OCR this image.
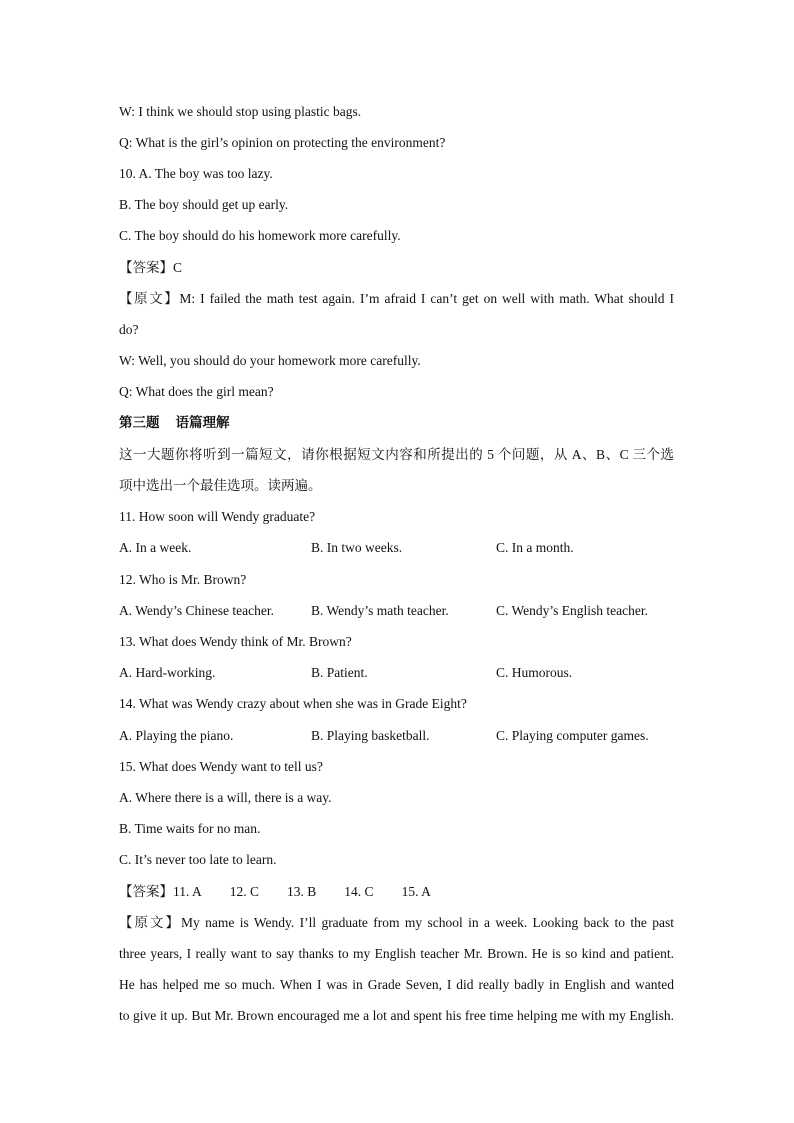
W: I think we should stop using plastic bags.
Q: What is the girl’s opinion on protecting the environment?
10. A. The boy was too lazy.
B. The boy should get up early.
C. The boy should do his homework more carefully.
【答案】C
【原文】M: I failed the math test again. I’m afraid I can’t get on well with math. What should I
do?
W: Well, you should do your homework more carefully.
Q: What does the girl mean?
第三题 语篇理解
这一大题你将听到一篇短文，请你根据短文内容和所提出的 5 个问题，从 A、B、C 三个选
项中选出一个最佳选项。读两遍。
11. How soon will Wendy graduate?
A. In a week.	B. In two weeks.	C. In a month.
12. Who is Mr. Brown?
A. Wendy’s Chinese teacher.	B. Wendy’s math teacher.	C. Wendy’s English teacher.
13. What does Wendy think of Mr. Brown?
A. Hard-working.	B. Patient.	C. Humorous.
14. What was Wendy crazy about when she was in Grade Eight?
A. Playing the piano.	B. Playing basketball.	C. Playing computer games.
15. What does Wendy want to tell us?
A. Where there is a will, there is a way.
B. Time waits for no man.
C. It’s never too late to learn.
【答案】11. A 12. C 13. B 14. C 15. A
【原文】My name is Wendy. I’ll graduate from my school in a week. Looking back to the past
three years, I really want to say thanks to my English teacher Mr. Brown. He is so kind and patient.
He has helped me so much. When I was in Grade Seven, I did really badly in English and wanted
to give it up. But Mr. Brown encouraged me a lot and spent his free time helping me with my English.
